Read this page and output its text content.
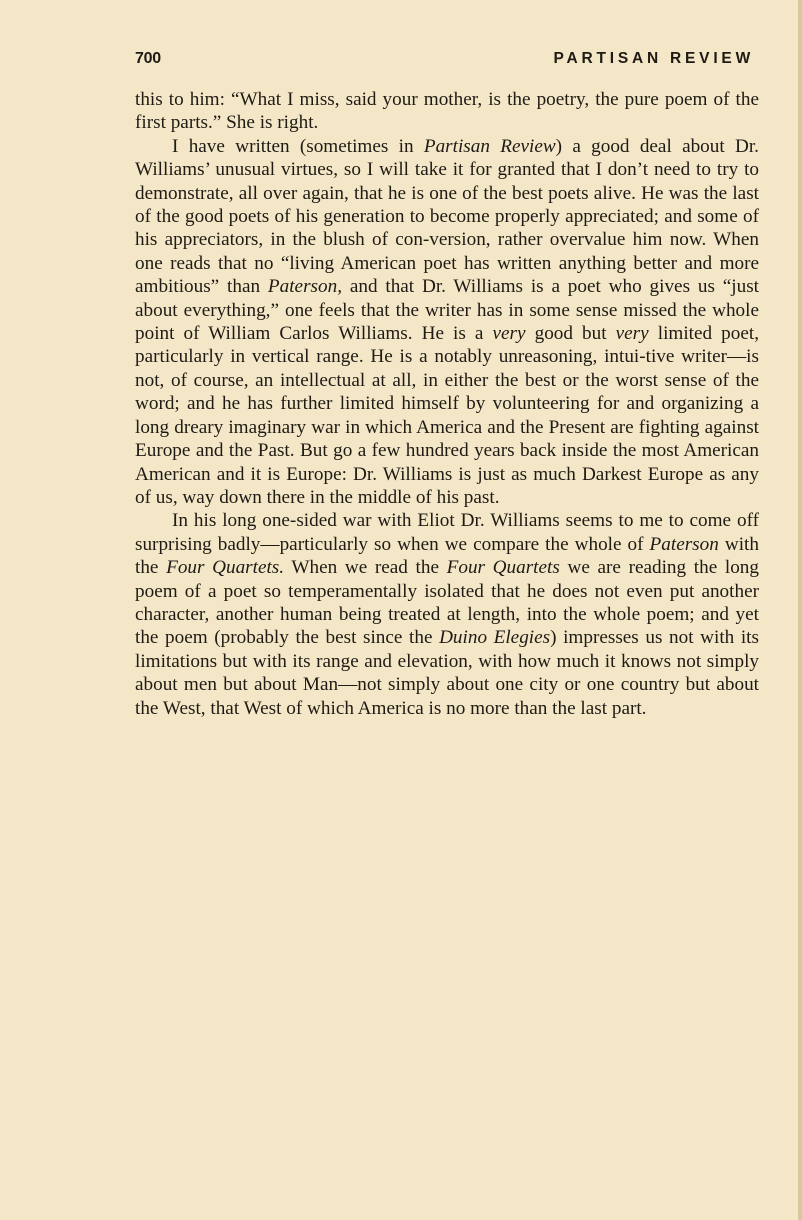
700	PARTISAN REVIEW

this to him: “What I miss, said your mother, is the poetry, the pure poem of the first parts.” She is right.

I have written (sometimes in Partisan Review) a good deal about Dr. Williams’ unusual virtues, so I will take it for granted that I don’t need to try to demonstrate, all over again, that he is one of the best poets alive. He was the last of the good poets of his generation to become properly appreciated; and some of his appreciators, in the blush of con-version, rather overvalue him now. When one reads that no “living American poet has written anything better and more ambitious” than Paterson, and that Dr. Williams is a poet who gives us “just about everything,” one feels that the writer has in some sense missed the whole point of William Carlos Williams. He is a very good but very limited poet, particularly in vertical range. He is a notably unreasoning, intui-tive writer—is not, of course, an intellectual at all, in either the best or the worst sense of the word; and he has further limited himself by volunteering for and organizing a long dreary imaginary war in which America and the Present are fighting against Europe and the Past. But go a few hundred years back inside the most American American and it is Europe: Dr. Williams is just as much Darkest Europe as any of us, way down there in the middle of his past.

In his long one-sided war with Eliot Dr. Williams seems to me to come off surprising badly—particularly so when we compare the whole of Paterson with the Four Quartets. When we read the Four Quartets we are reading the long poem of a poet so temperamentally isolated that he does not even put another character, another human being treated at length, into the whole poem; and yet the poem (probably the best since the Duino Elegies) impresses us not with its limitations but with its range and elevation, with how much it knows not simply about men but about Man—not simply about one city or one country but about the West, that West of which America is no more than the last part.
